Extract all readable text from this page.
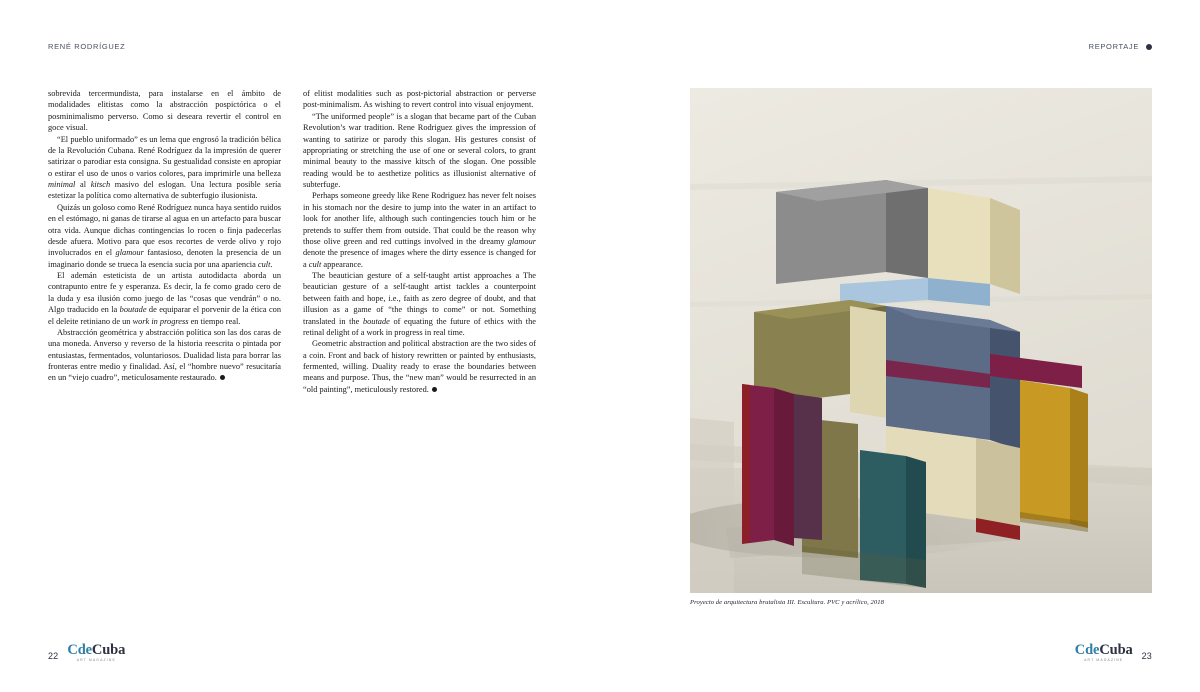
RENÉ RODRÍGUEZ	REPORTAJE

sobrevida tercermundista, para instalarse en el ámbito de modalidades elitistas como la abstracción pospictórica o el posminimalismo perverso. Como si deseara revertir el control en goce visual.

“El pueblo uniformado” es un lema que engrosó la tradición bélica de la Revolución Cubana. René Rodríguez da la impresión de querer satirizar o parodiar esta consigna. Su gestualidad consiste en apropiar o estirar el uso de unos o varios colores, para imprimirle una belleza minimal al kitsch masivo del eslogan. Una lectura posible sería estetizar la política como alternativa de subterfugio ilusionista.

Quizás un goloso como René Rodríguez nunca haya sentido ruidos en el estómago, ni ganas de tirarse al agua en un artefacto para buscar otra vida. Aunque dichas contingencias lo rocen o finja padecerlas desde afuera. Motivo para que esos recortes de verde olivo y rojo involucrados en el glamour fantasioso, denoten la presencia de un imaginario donde se trueca la esencia sucia por una apariencia cult.

El ademán esteticista de un artista autodidacta aborda un contrapunto entre fe y esperanza. Es decir, la fe como grado cero de la duda y esa ilusión como juego de las “cosas que vendrán” o no. Algo traducido en la boutade de equiparar el porvenir de la ética con el deleite retiniano de un work in progress en tiempo real.

Abstracción geométrica y abstracción política son las dos caras de una moneda. Anverso y reverso de la historia reescrita o pintada por entusiastas, fermentados, voluntariosos. Dualidad lista para borrar las fronteras entre medio y finalidad. Así, el “hombre nuevo” resucitaría en un “viejo cuadro”, meticulosamente restaurado.

of elitist modalities such as post-pictorial abstraction or perverse post-minimalism. As wishing to revert control into visual enjoyment.

“The uniformed people” is a slogan that became part of the Cuban Revolution’s war tradition. Rene Rodriguez gives the impression of wanting to satirize or parody this slogan. His gestures consist of appropriating or stretching the use of one or several colors, to grant minimal beauty to the massive kitsch of the slogan. One possible reading would be to aesthetize politics as illusionist alternative of subterfuge.

Perhaps someone greedy like Rene Rodriguez has never felt noises in his stomach nor the desire to jump into the water in an artifact to look for another life, although such contingencies touch him or he pretends to suffer them from outside. That could be the reason why those olive green and red cuttings involved in the dreamy glamour denote the presence of images where the dirty essence is changed for a cult appearance.

The beautician gesture of a self-taught artist approaches a The beautician gesture of a self-taught artist tackles a counterpoint between faith and hope, i.e., faith as zero degree of doubt, and that illusion as a game of “the things to come” or not. Something translated in the boutade of equating the future of ethics with the retinal delight of a work in progress in real time.

Geometric abstraction and political abstraction are the two sides of a coin. Front and back of history rewritten or painted by enthusiasts, fermented, willing. Duality ready to erase the boundaries between means and purpose. Thus, the “new man” would be resurrected in an “old painting”, meticulously restored.

Proyecto de arquitectura brutalista III. Escultura. PVC y acrílico, 2018
22 CdeCuba
ART MAGAZINE
CdeCuba
ART MAGAZINE	23
